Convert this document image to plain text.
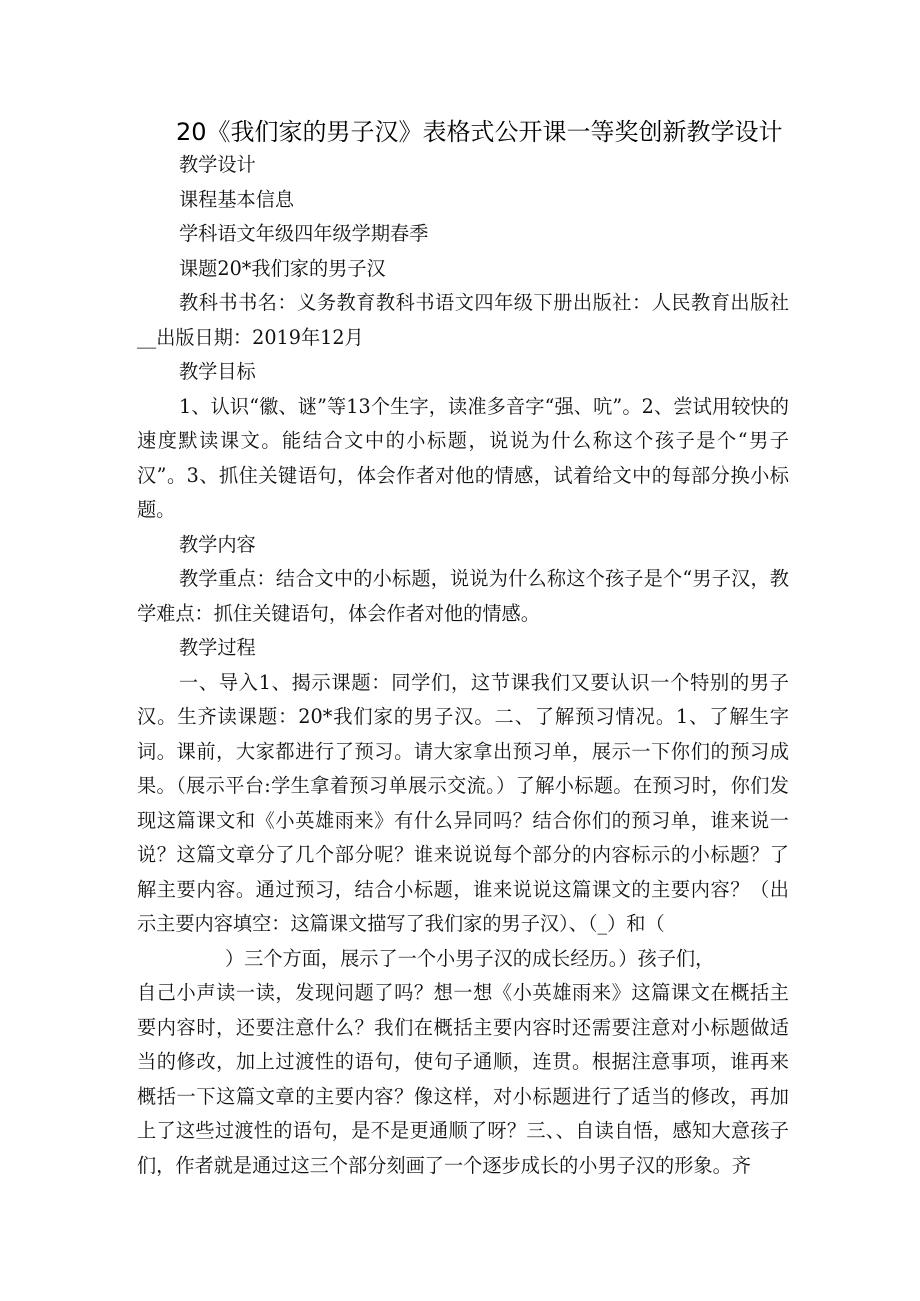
20《我们家的男子汉》表格式公开课一等奖创新教学设计

教学设计

课程基本信息

学科语文年级四年级学期春季

课题20*我们家的男子汉

教科书书名：义务教育教科书语文四年级下册出版社：人民教育出版社__出版日期：2019年12月

教学目标

1、认识“徽、谜”等13个生字，读准多音字“强、吭”。2、尝试用较快的速度默读课文。能结合文中的小标题，说说为什么称这个孩子是个“男子汉”。3、抓住关键语句，体会作者对他的情感，试着给文中的每部分换小标题。

教学内容

教学重点：结合文中的小标题，说说为什么称这个孩子是个“男子汉，教学难点：抓住关键语句，体会作者对他的情感。

教学过程

一、导入1、揭示课题：同学们，这节课我们又要认识一个特别的男子汉。生齐读课题：20*我们家的男子汉。二、了解预习情况。1、了解生字词。课前，大家都进行了预习。请大家拿出预习单，展示一下你们的预习成果。（展示平台:学生拿着预习单展示交流。）了解小标题。在预习时，你们发现这篇课文和《小英雄雨来》有什么异同吗？结合你们的预习单，谁来说一说？这篇文章分了几个部分呢？谁来说说每个部分的内容标示的小标题？了解主要内容。通过预习，结合小标题，谁来说说这篇课文的主要内容？（出示主要内容填空：这篇课文描写了我们家的男子汉）、（_）和（

）三个方面，展示了一个小男子汉的成长经历。）孩子们，

自己小声读一读，发现问题了吗？想一想《小英雄雨来》这篇课文在概括主要内容时，还要注意什么？我们在概括主要内容时还需要注意对小标题做适当的修改，加上过渡性的语句，使句子通顺，连贯。根据注意事项，谁再来概括一下这篇文章的主要内容？像这样，对小标题进行了适当的修改，再加上了这些过渡性的语句，是不是更通顺了呀？三、、自读自悟，感知大意孩子们，作者就是通过这三个部分刻画了一个逐步成长的小男子汉的形象。齐
